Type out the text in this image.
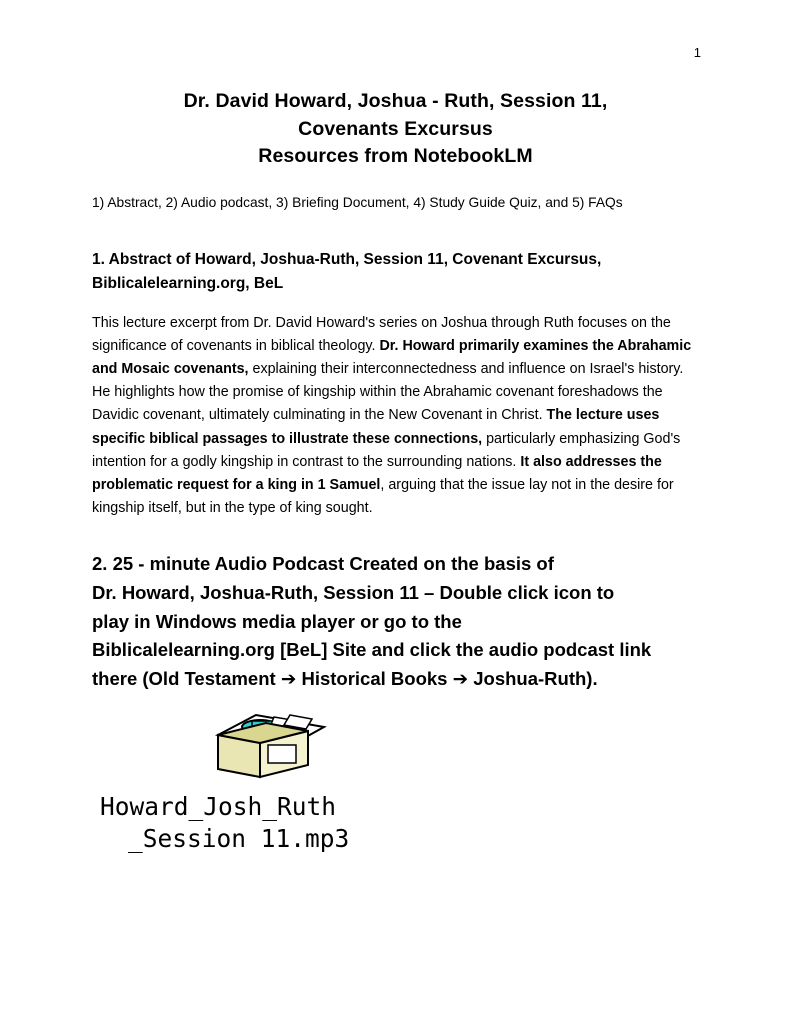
1
Dr. David Howard, Joshua - Ruth, Session 11,
Covenants Excursus
Resources from NotebookLM
1) Abstract, 2) Audio podcast, 3) Briefing Document, 4) Study Guide Quiz, and 5) FAQs
1. Abstract of Howard, Joshua-Ruth, Session 11, Covenant Excursus,
Biblicalelearning.org, BeL

This lecture excerpt from Dr. David Howard's series on Joshua through Ruth focuses on the significance of covenants in biblical theology. Dr. Howard primarily examines the Abrahamic and Mosaic covenants, explaining their interconnectedness and influence on Israel's history. He highlights how the promise of kingship within the Abrahamic covenant foreshadows the Davidic covenant, ultimately culminating in the New Covenant in Christ. The lecture uses specific biblical passages to illustrate these connections, particularly emphasizing God's intention for a godly kingship in contrast to the surrounding nations. It also addresses the problematic request for a king in 1 Samuel, arguing that the issue lay not in the desire for kingship itself, but in the type of king sought.

2. 25 - minute Audio Podcast Created on the basis of
Dr. Howard, Joshua-Ruth, Session 11 – Double click icon to
play in Windows media player or go to the
Biblicalelearning.org [BeL] Site and click the audio podcast link
there (Old Testament ➔ Historical Books ➔ Joshua-Ruth).
Howard_Josh_Ruth
_Session 11.mp3
